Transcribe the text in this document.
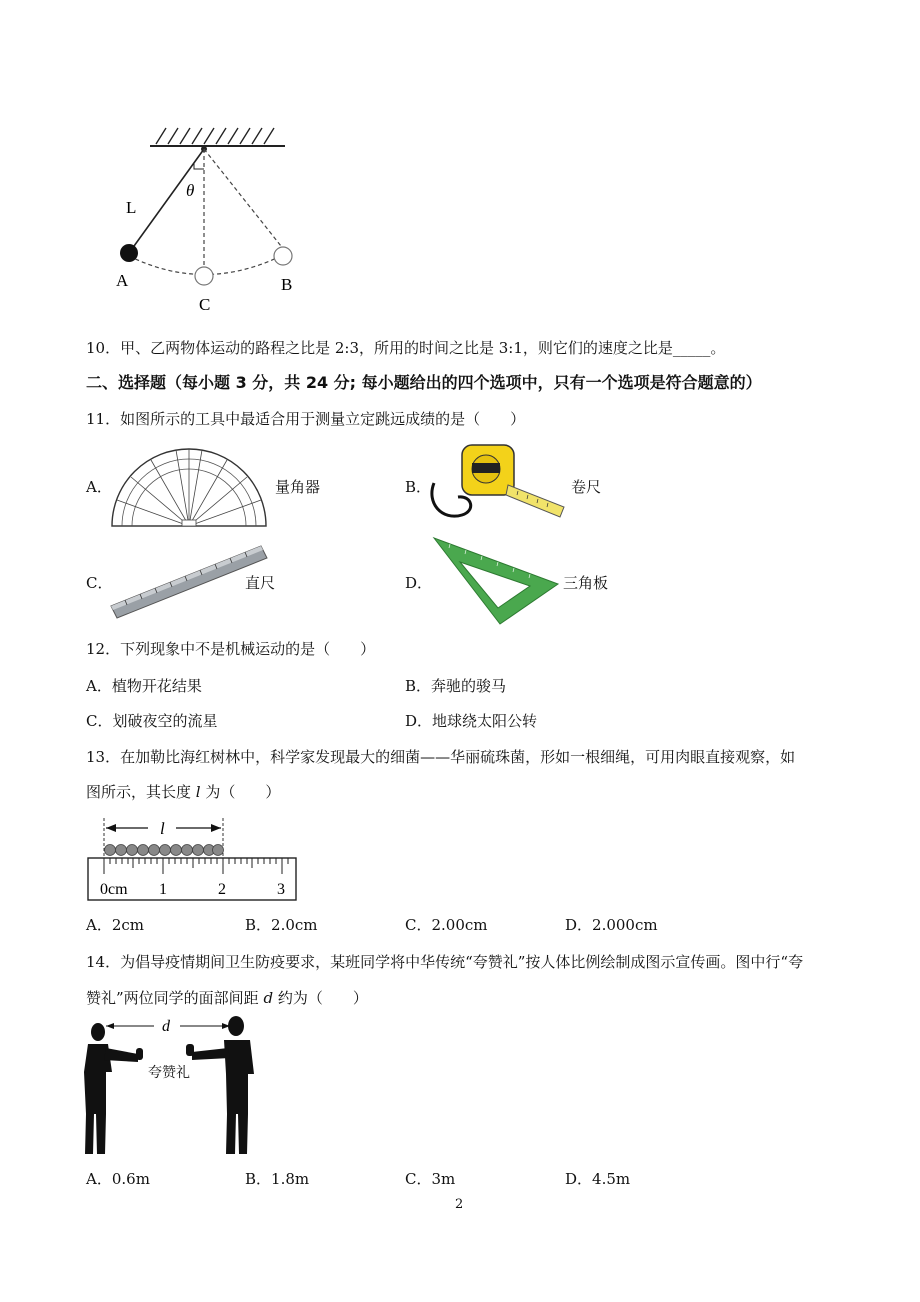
L
θ
A
C
B
10．甲、乙两物体运动的路程之比是 2:3，所用的时间之比是 3:1，则它们的速度之比是_____。
二、选择题（每小题 3 分，共 24 分; 每小题给出的四个选项中，只有一个选项是符合题意的）
11．如图所示的工具中最适合用于测量立定跳远成绩的是（　　）
A．	量角器	B．	卷尺
C．	直尺	D．	三角板
12．下列现象中不是机械运动的是（　　）
A．植物开花结果	B．奔驰的骏马
C．划破夜空的流星	D．地球绕太阳公转
13．在加勒比海红树林中，科学家发现最大的细菌——华丽硫珠菌，形如一根细绳，可用肉眼直接观察，如
图所示，其长度 l 为（　　）
l
0cm 1	2	3
A．2cm	B．2.0cm	C．2.00cm	D．2.000cm
14．为倡导疫情期间卫生防疫要求，某班同学将中华传统“夸赞礼”按人体比例绘制成图示宣传画。图中行“夸
赞礼”两位同学的面部间距 d 约为（　　）
d
夸赞礼
A．0.6m	B．1.8m	C．3m	D．4.5m
2
